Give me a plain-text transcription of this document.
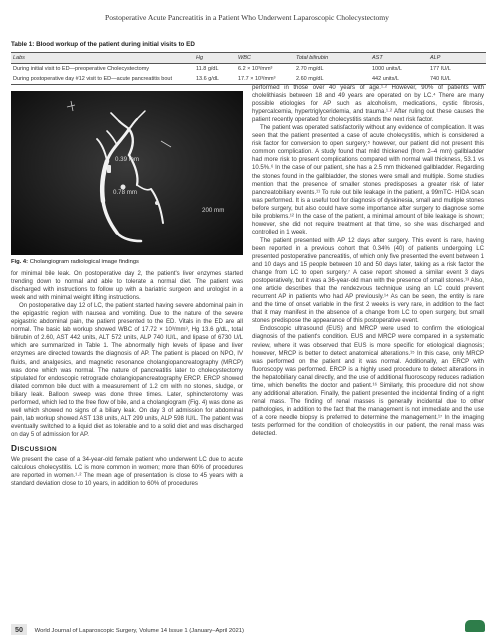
Postoperative Acute Pancreatitis in a Patient Who Underwent Laparoscopic Cholecystectomy
Table 1: Blood workup of the patient during initial visits to ED
Labs	Hg	WBC	Total bilirubin	AST	ALP
During initial visit to ED—preoperative Cholecystectomy	11.8 g/dL	6.2 × 10³/mm³	2.70 mg/dL	1000 units/L	177 IU/L
During postoperative day #12 visit to ED—acute pancreatitis bout	13.6 g/dL	17.7 × 10³/mm³	2.60 mg/dL	442 units/L	740 IU/L
0.39 mm
0.78 mm
200 mm
Fig. 4: Cholangiogram radiological image findings

for minimal bile leak. On postoperative day 2, the patient's liver enzymes started trending down to normal and able to tolerate a normal diet. The patient was discharged with instructions to follow up with a bariatric surgeon and urologist in a week and with minimal weight lifting instructions.

On postoperative day 12 of LC, the patient started having severe abdominal pain in the epigastric region with nausea and vomiting. Due to the nature of the severe epigastric abdominal pain, the patient presented to the ED. Vitals in the ED are all normal. The basic lab workup showed WBC of 17.72 × 10³/mm³, Hg 13.6 g/dL, total bilirubin of 2.60, AST 442 units, ALT 572 units, ALP 740 IU/L, and lipase of 6730 U/L which are summarized in Table 1. The abnormally high levels of lipase and liver enzymes are directed towards the diagnosis of AP. The patient is placed on NPO, IV fluids, and analgesics, and magnetic resonance cholangiopancreatography (MRCP) was done which was normal. The nature of pancreatitis later to cholecystectomy stipulated for endoscopic retrograde cholangiopancreatography ERCP. ERCP showed dilated common bile duct with a measurement of 1.2 cm with no stones, sludge, or biliary leak. Balloon sweep was done three times. Later, sphincterotomy was performed, which led to the free flow of bile, and a cholangiogram (Fig. 4) was done as well which showed no signs of a biliary leak. On day 3 of admission for abdominal pain, lab workup showed AST 138 units, ALT 299 units, ALP 598 IU/L. The patient was eventually switched to a liquid diet as tolerable and to a solid diet and was discharged on day 5 of admission for AP.

DISCUSSION

We present the case of a 34-year-old female patient who underwent LC due to acute calculous cholecystitis. LC is more common in women; more than 60% of procedures are reported in women.¹·² The mean age of presentation is close to 45 years with a standard deviation close to 10 years, in addition to 60% of procedures

performed in those over 40 years of age.¹·² However, 90% of patients with cholelithiasis between 18 and 49 years are operated on by LC.⁴ There are many possible etiologies for AP such as alcoholism, medications, cystic fibrosis, hypercalcemia, hypertriglyceridemia, and trauma.¹·² After ruling out these causes the patient recently operated for cholecystitis stands the next risk factor.

The patient was operated satisfactorily without any evidence of complication. It was seen that the patient presented a case of acute cholecystitis, which is considered a risk factor for conversion to open surgery;⁵ however, our patient did not present this common complication. A study found that mild thickened (from 2–4 mm) gallbladder had more risk to present complications compared with normal wall thickness, 53.1 vs 10.5%.⁶ In the case of our patient, she has a 2.5 mm thickened gallbladder. Regarding the stones found in the gallbladder, the stones were small and multiple. Some studies mention that the presence of smaller stones predisposes a greater risk of later pancreatobiliary events.¹¹ To rule out bile leakage in the patient, a 99mTC- HIDA scan was performed. It is a useful tool for diagnosis of dyskinesia, small and multiple stones before surgery, but also could have some importance after surgery to diagnose some bile problems.¹² In the case of the patient, a minimal amount of bile leakage is shown; however, she did not require treatment at that time, so she was discharged and controlled in 1 week.

The patient presented with AP 12 days after surgery. This event is rare, having been reported in a previous cohort that 0.34% (40) of patients undergoing LC presented postoperative pancreatitis, of which only five presented the event between 1 and 10 days and 15 people between 10 and 50 days later, taking as a risk factor the change from LC to open surgery.⁷ A case report showed a similar event 3 days postoperatively, but it was a 36-year-old man with the presence of small stones.¹³ Also, one article describes that the rendezvous technique using an LC could prevent recurrent AP in patients who had AP previously.¹⁴ As can be seen, the entity is rare and the time of onset variable in the first 2 weeks is very rare, in addition to the fact that it may manifest in the absence of a change from LC to open surgery, but small stones predispose the appearance of this postoperative event.

Endoscopic ultrasound (EUS) and MRCP were used to confirm the etiological diagnosis of the patient's condition. EUS and MRCP were compared in a systematic review, where it was observed that EUS is more specific for etiological diagnosis; however, MRCP is better to detect anatomical alterations.¹⁵ In this case, only MRCP was performed on the patient and it was normal. Additionally, an ERCP with fluoroscopy was performed. ERCP is a highly used procedure to detect alterations in the hepatobiliary canal directly, and the use of additional fluoroscopy reduces radiation time, which benefits the doctor and patient.¹⁶ Similarly, this procedure did not show any additional alteration. Finally, the patient presented the incidental finding of a right renal mass. The finding of renal masses is generally incidental due to other pathologies, in addition to the fact that the management is not immediate and the use of a core needle biopsy is preferred to determine the management.¹⁷ In the imaging tests performed for the condition of cholecystitis in our patient, the renal mass was detected.

50 World Journal of Laparoscopic Surgery, Volume 14 Issue 1 (January–April 2021)
